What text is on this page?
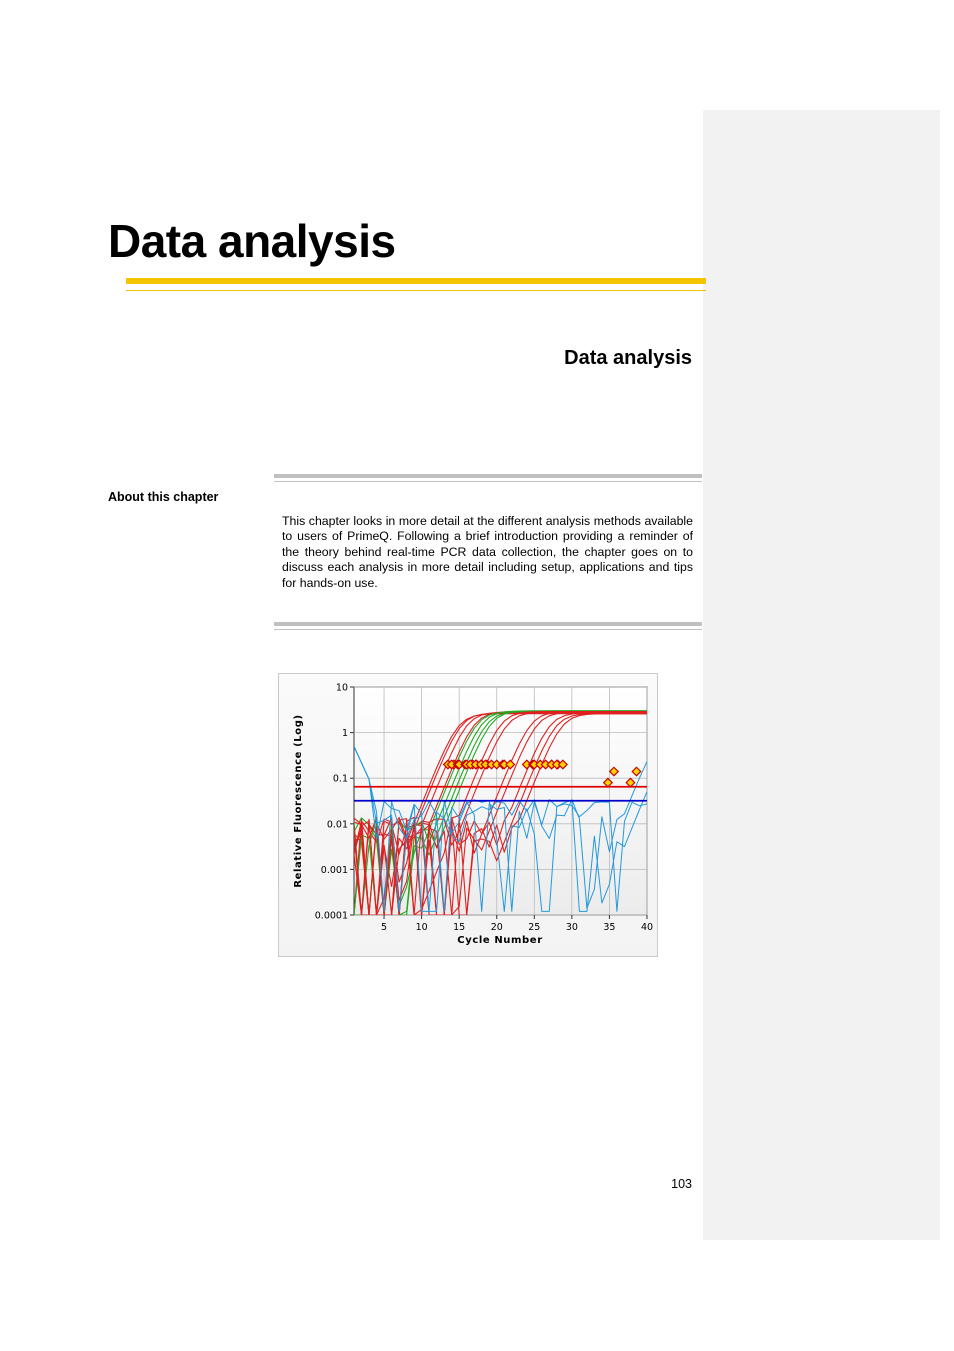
Data analysis
Data analysis
About this chapter

This chapter looks in more detail at the different analysis methods available to users of PrimeQ. Following a brief introduction providing a reminder of the theory behind real-time PCR data collection, the chapter goes on to discuss each analysis in more detail including setup, applications and tips for hands-on use.

10
1
0.1
0.01
0.001
0.0001
5	10	15	20	25	30	35	40
Cycle Number
Relative Fluorescence (Log)
103
